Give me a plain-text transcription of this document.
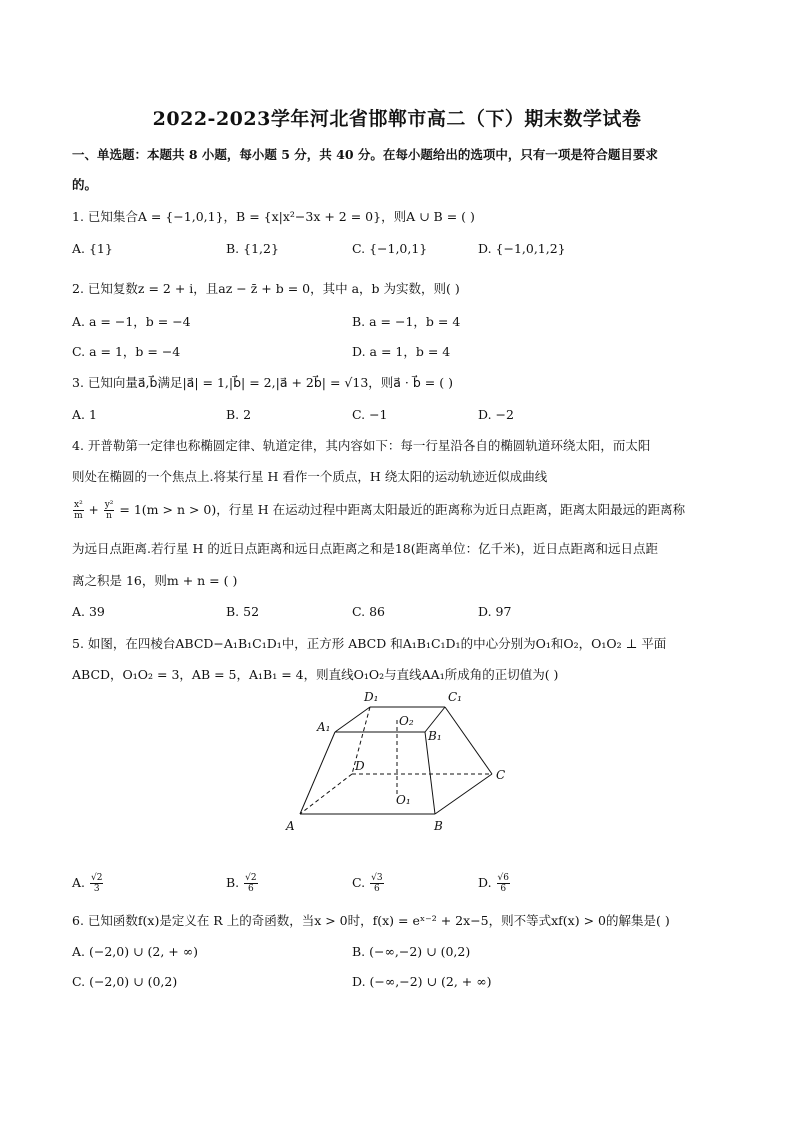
2022-2023学年河北省邯郸市高二（下）期末数学试卷
一、单选题：本题共 8 小题，每小题 5 分，共 40 分。在每小题给出的选项中，只有一项是符合题目要求
的。
1. 已知集合A = {−1,0,1}，B = {x|x²−3x + 2 = 0}，则A ∪ B = ( )
A. {1}	B. {1,2}	C. {−1,0,1}	D. {−1,0,1,2}
2. 已知复数z = 2 + i，且az − z̄ + b = 0，其中 a，b 为实数，则( )
A. a = −1，b = −4	B. a = −1，b = 4
C. a = 1，b = −4	D. a = 1，b = 4
3. 已知向量a⃗,b⃗满足|a⃗| = 1,|b⃗| = 2,|a⃗ + 2b⃗| = √13，则a⃗ · b⃗ = ( )
A. 1	B. 2	C. −1	D. −2
4. 开普勒第一定律也称椭圆定律、轨道定律，其内容如下：每一行星沿各自的椭圆轨道环绕太阳，而太阳
则处在椭圆的一个焦点上.将某行星 H 看作一个质点，H 绕太阳的运动轨迹近似成曲线
$\frac{\text{x²}}{m} + \frac{\text{y²}}{n} = 1(m > n > 0)$，行星 H 在运动过程中距离太阳最近的距离称为近日点距离，距离太阳最远的距离称
为远日点距离.若行星 H 的近日点距离和远日点距离之和是18(距离单位：亿千米)，近日点距离和远日点距
离之积是 16，则m + n = ( )
A. 39	B. 52	C. 86	D. 97
5. 如图，在四棱台ABCD−A₁B₁C₁D₁中，正方形 ABCD 和A₁B₁C₁D₁的中心分别为O₁和O₂，O₁O₂ ⊥ 平面
ABCD，O₁O₂ = 3，AB = 5，A₁B₁ = 4，则直线O₁O₂与直线AA₁所成角的正切值为( )
D₁	C₁
A₁	O₂
B₁
D
C
O₁
A	B
A. $\frac{√2}{3}$	B. $\frac{√2}{6}$	C. $\frac{√3}{6}$	D. $\frac{√6}{6}$
6. 已知函数f(x)是定义在 R 上的奇函数，当x > 0时，f(x) = eˣ⁻² + 2x−5，则不等式xf(x) > 0的解集是( )
A. (−2,0) ∪ (2, + ∞)	B. (−∞,−2) ∪ (0,2)
C. (−2,0) ∪ (0,2)	D. (−∞,−2) ∪ (2, + ∞)
